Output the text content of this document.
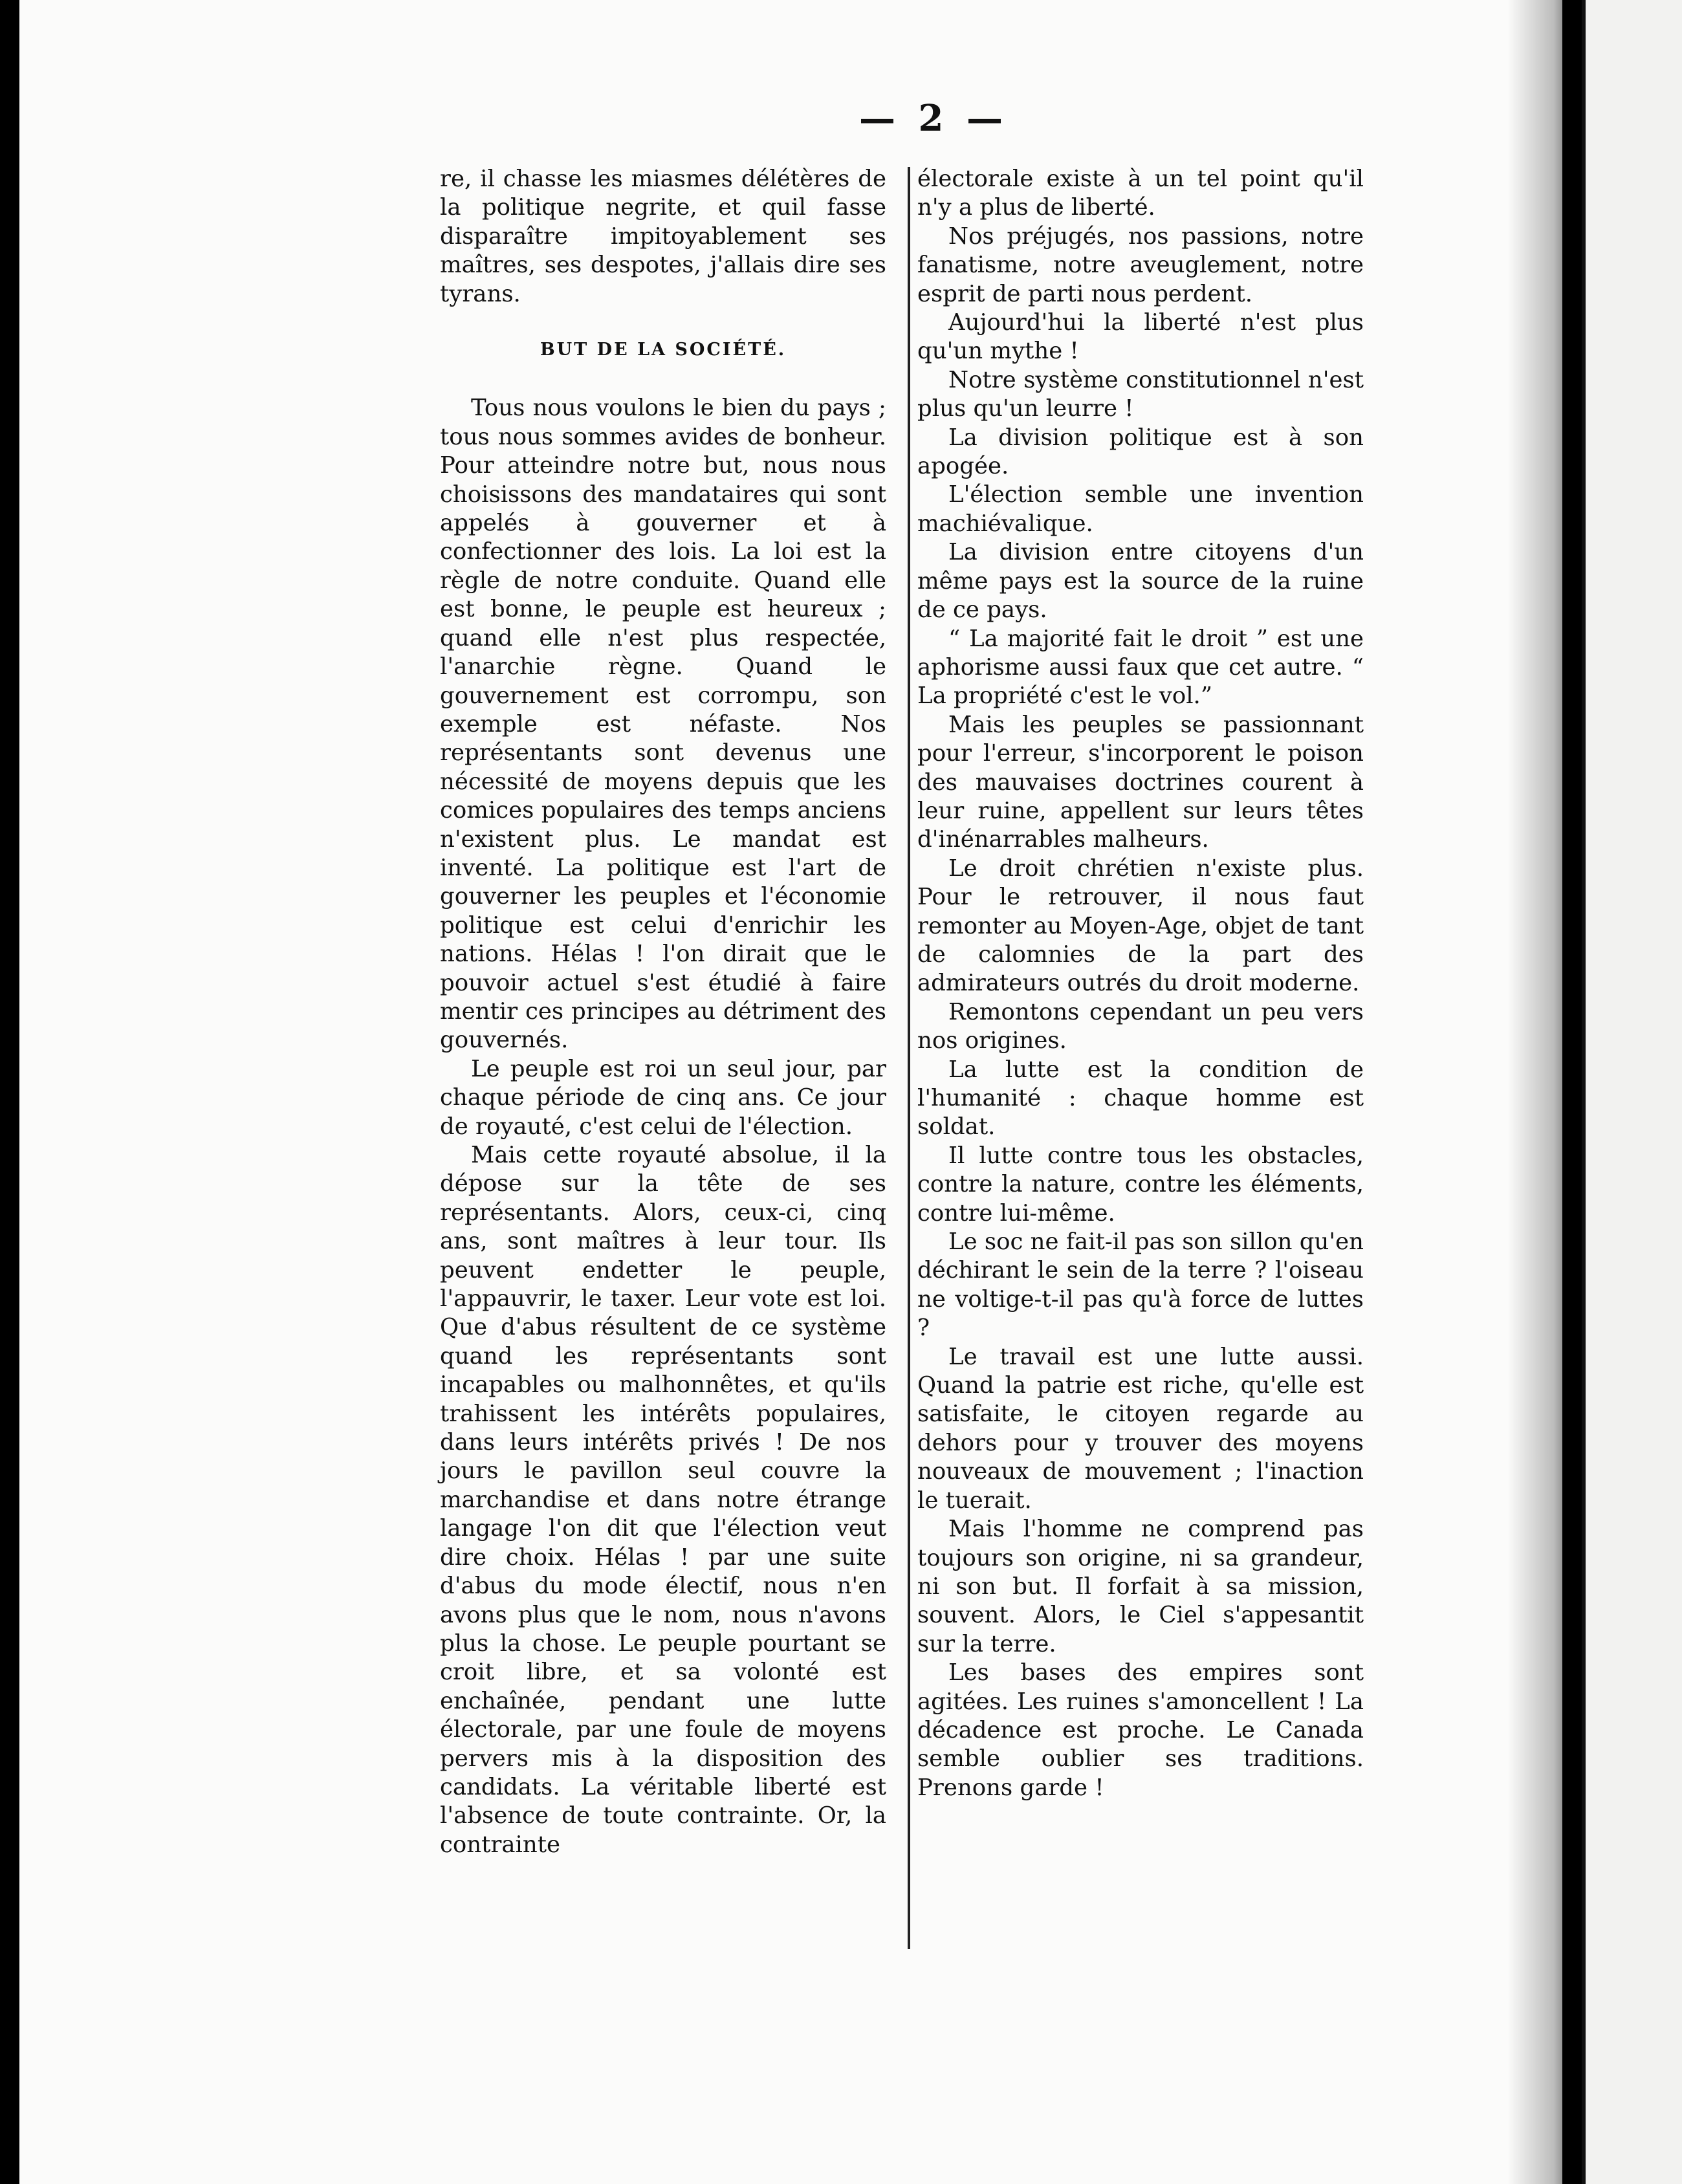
— 2 —

re, il chasse les miasmes délétères de la politique negrite, et quil fasse disparaître impitoyablement ses maîtres, ses despotes, j'allais dire ses tyrans.

BUT DE LA SOCIÉTÉ.

Tous nous voulons le bien du pays ; tous nous sommes avides de bonheur. Pour atteindre notre but, nous nous choisissons des mandataires qui sont appelés à gouverner et à confectionner des lois. La loi est la règle de notre conduite. Quand elle est bonne, le peuple est heureux ; quand elle n'est plus respectée, l'anarchie règne. Quand le gouvernement est corrompu, son exemple est néfaste. Nos représentants sont devenus une nécessité de moyens depuis que les comices populaires des temps anciens n'existent plus. Le mandat est inventé. La politique est l'art de gouverner les peuples et l'économie politique est celui d'enrichir les nations. Hélas ! l'on dirait que le pouvoir actuel s'est étudié à faire mentir ces principes au détriment des gouvernés.

Le peuple est roi un seul jour, par chaque période de cinq ans. Ce jour de royauté, c'est celui de l'élection.

Mais cette royauté absolue, il la dépose sur la tête de ses représentants. Alors, ceux-ci, cinq ans, sont maîtres à leur tour. Ils peuvent endetter le peuple, l'appauvrir, le taxer. Leur vote est loi. Que d'abus résultent de ce système quand les représentants sont incapables ou malhonnêtes, et qu'ils trahissent les intérêts populaires, dans leurs intérêts privés ! De nos jours le pavillon seul couvre la marchandise et dans notre étrange langage l'on dit que l'élection veut dire choix. Hélas ! par une suite d'abus du mode électif, nous n'en avons plus que le nom, nous n'avons plus la chose. Le peuple pourtant se croit libre, et sa volonté est enchaînée, pendant une lutte électorale, par une foule de moyens pervers mis à la disposition des candidats. La véritable liberté est l'absence de toute contrainte. Or, la contrainte

électorale existe à un tel point qu'il n'y a plus de liberté.

Nos préjugés, nos passions, notre fanatisme, notre aveuglement, notre esprit de parti nous perdent.

Aujourd'hui la liberté n'est plus qu'un mythe !

Notre système constitutionnel n'est plus qu'un leurre !

La division politique est à son apogée.

L'élection semble une invention machiévalique.

La division entre citoyens d'un même pays est la source de la ruine de ce pays.

“ La majorité fait le droit ” est une aphorisme aussi faux que cet autre. “ La propriété c'est le vol.”

Mais les peuples se passionnant pour l'erreur, s'incorporent le poison des mauvaises doctrines courent à leur ruine, appellent sur leurs têtes d'inénarrables malheurs.

Le droit chrétien n'existe plus. Pour le retrouver, il nous faut remonter au Moyen-Age, objet de tant de calomnies de la part des admirateurs outrés du droit moderne.

Remontons cependant un peu vers nos origines.

La lutte est la condition de l'humanité : chaque homme est soldat.

Il lutte contre tous les obstacles, contre la nature, contre les éléments, contre lui-même.

Le soc ne fait-il pas son sillon qu'en déchirant le sein de la terre ? l'oiseau ne voltige-t-il pas qu'à force de luttes ?

Le travail est une lutte aussi. Quand la patrie est riche, qu'elle est satisfaite, le citoyen regarde au dehors pour y trouver des moyens nouveaux de mouvement ; l'inaction le tuerait.

Mais l'homme ne comprend pas toujours son origine, ni sa grandeur, ni son but. Il forfait à sa mission, souvent. Alors, le Ciel s'appesantit sur la terre.

Les bases des empires sont agitées. Les ruines s'amoncellent ! La décadence est proche. Le Canada semble oublier ses traditions. Prenons garde !
